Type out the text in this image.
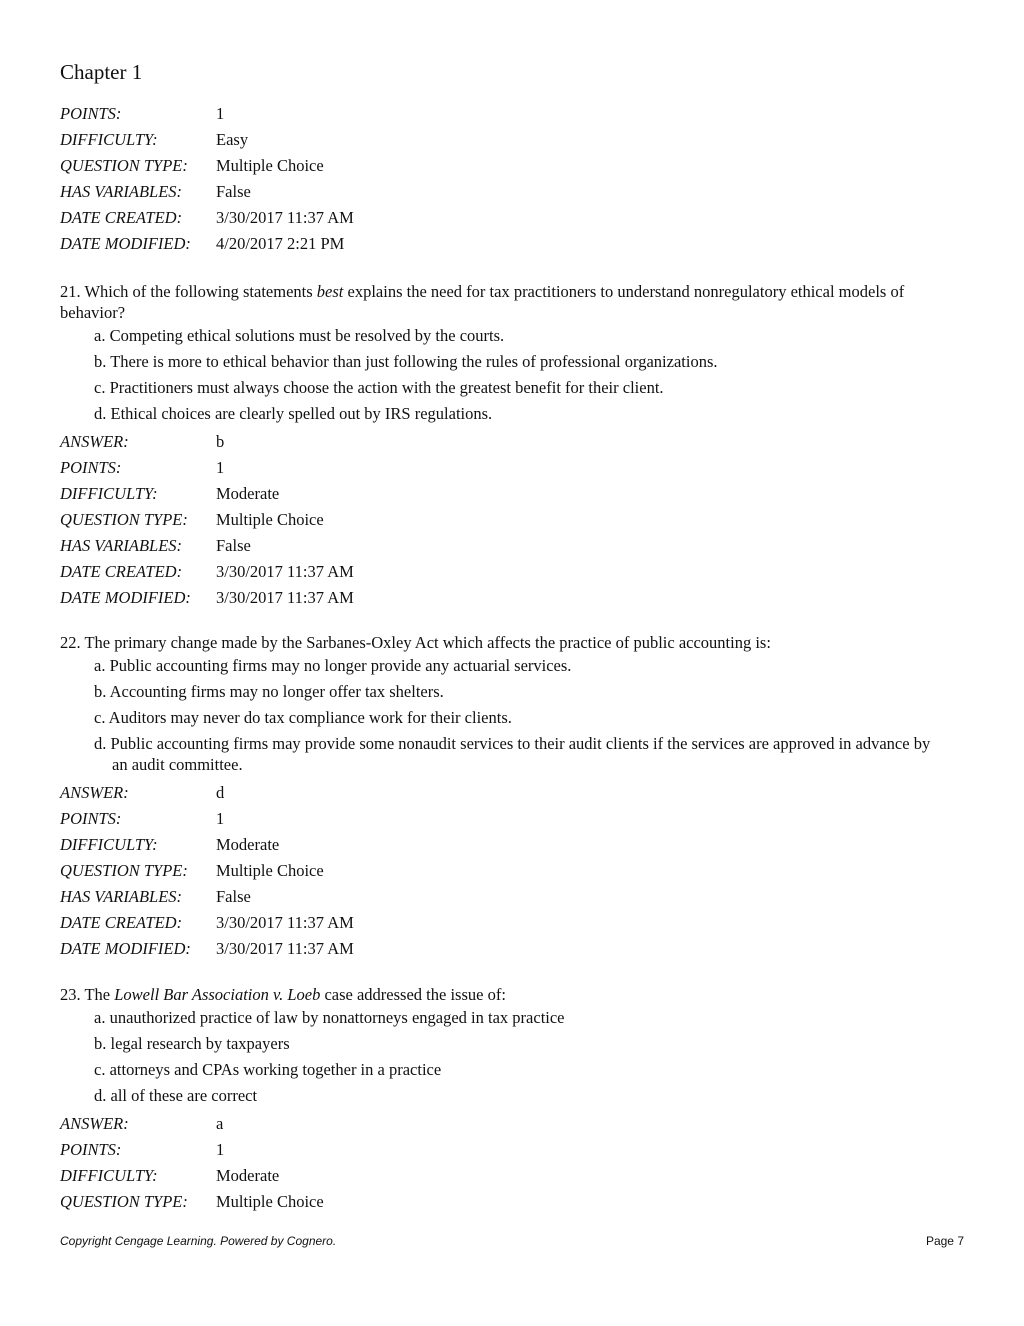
Chapter 1
POINTS:	1
DIFFICULTY:	Easy
QUESTION TYPE:	Multiple Choice
HAS VARIABLES:	False
DATE CREATED:	3/30/2017 11:37 AM
DATE MODIFIED:	4/20/2017 2:21 PM

21. Which of the following statements best explains the need for tax practitioners to understand nonregulatory ethical models of behavior?

a. Competing ethical solutions must be resolved by the courts.
b. There is more to ethical behavior than just following the rules of professional organizations.
c. Practitioners must always choose the action with the greatest benefit for their client.
d. Ethical choices are clearly spelled out by IRS regulations.
ANSWER:	b
POINTS:	1
DIFFICULTY:	Moderate
QUESTION TYPE:	Multiple Choice
HAS VARIABLES:	False
DATE CREATED:	3/30/2017 11:37 AM
DATE MODIFIED:	3/30/2017 11:37 AM

22. The primary change made by the Sarbanes-Oxley Act which affects the practice of public accounting is:

a. Public accounting firms may no longer provide any actuarial services.
b. Accounting firms may no longer offer tax shelters.
c. Auditors may never do tax compliance work for their clients.
d. Public accounting firms may provide some nonaudit services to their audit clients if the services are approved in advance by an audit committee.
ANSWER:	d
POINTS:	1
DIFFICULTY:	Moderate
QUESTION TYPE:	Multiple Choice
HAS VARIABLES:	False
DATE CREATED:	3/30/2017 11:37 AM
DATE MODIFIED:	3/30/2017 11:37 AM

23. The Lowell Bar Association v. Loeb case addressed the issue of:

a. unauthorized practice of law by nonattorneys engaged in tax practice
b. legal research by taxpayers
c. attorneys and CPAs working together in a practice
d. all of these are correct
ANSWER:	a
POINTS:	1
DIFFICULTY:	Moderate
QUESTION TYPE:	Multiple Choice
Copyright Cengage Learning. Powered by Cognero.	Page 7
